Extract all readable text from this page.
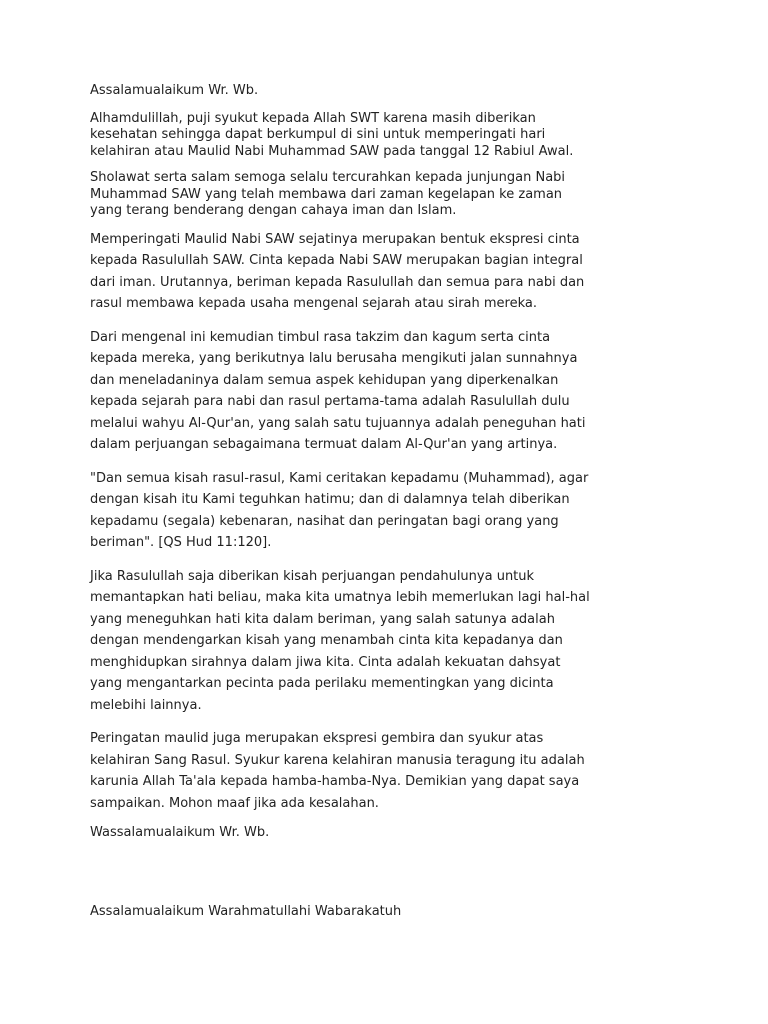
Assalamualaikum Wr. Wb.

Alhamdulillah, puji syukut kepada Allah SWT karena masih diberikan
kesehatan sehingga dapat berkumpul di sini untuk memperingati hari
kelahiran atau Maulid Nabi Muhammad SAW pada tanggal 12 Rabiul Awal.

Sholawat serta salam semoga selalu tercurahkan kepada junjungan Nabi
Muhammad SAW yang telah membawa dari zaman kegelapan ke zaman
yang terang benderang dengan cahaya iman dan Islam.

Memperingati Maulid Nabi SAW sejatinya merupakan bentuk ekspresi cinta
kepada Rasulullah SAW. Cinta kepada Nabi SAW merupakan bagian integral
dari iman. Urutannya, beriman kepada Rasulullah dan semua para nabi dan
rasul membawa kepada usaha mengenal sejarah atau sirah mereka.

Dari mengenal ini kemudian timbul rasa takzim dan kagum serta cinta
kepada mereka, yang berikutnya lalu berusaha mengikuti jalan sunnahnya
dan meneladaninya dalam semua aspek kehidupan yang diperkenalkan
kepada sejarah para nabi dan rasul pertama-tama adalah Rasulullah dulu
melalui wahyu Al-Qur'an, yang salah satu tujuannya adalah peneguhan hati
dalam perjuangan sebagaimana termuat dalam Al-Qur'an yang artinya.

"Dan semua kisah rasul-rasul, Kami ceritakan kepadamu (Muhammad), agar
dengan kisah itu Kami teguhkan hatimu; dan di dalamnya telah diberikan
kepadamu (segala) kebenaran, nasihat dan peringatan bagi orang yang
beriman". [QS Hud 11:120].

Jika Rasulullah saja diberikan kisah perjuangan pendahulunya untuk
memantapkan hati beliau, maka kita umatnya lebih memerlukan lagi hal-hal
yang meneguhkan hati kita dalam beriman, yang salah satunya adalah
dengan mendengarkan kisah yang menambah cinta kita kepadanya dan
menghidupkan sirahnya dalam jiwa kita. Cinta adalah kekuatan dahsyat
yang mengantarkan pecinta pada perilaku mementingkan yang dicinta
melebihi lainnya.

Peringatan maulid juga merupakan ekspresi gembira dan syukur atas
kelahiran Sang Rasul. Syukur karena kelahiran manusia teragung itu adalah
karunia Allah Ta'ala kepada hamba-hamba-Nya. Demikian yang dapat saya
sampaikan. Mohon maaf jika ada kesalahan.

Wassalamualaikum Wr. Wb.

Assalamualaikum Warahmatullahi Wabarakatuh
